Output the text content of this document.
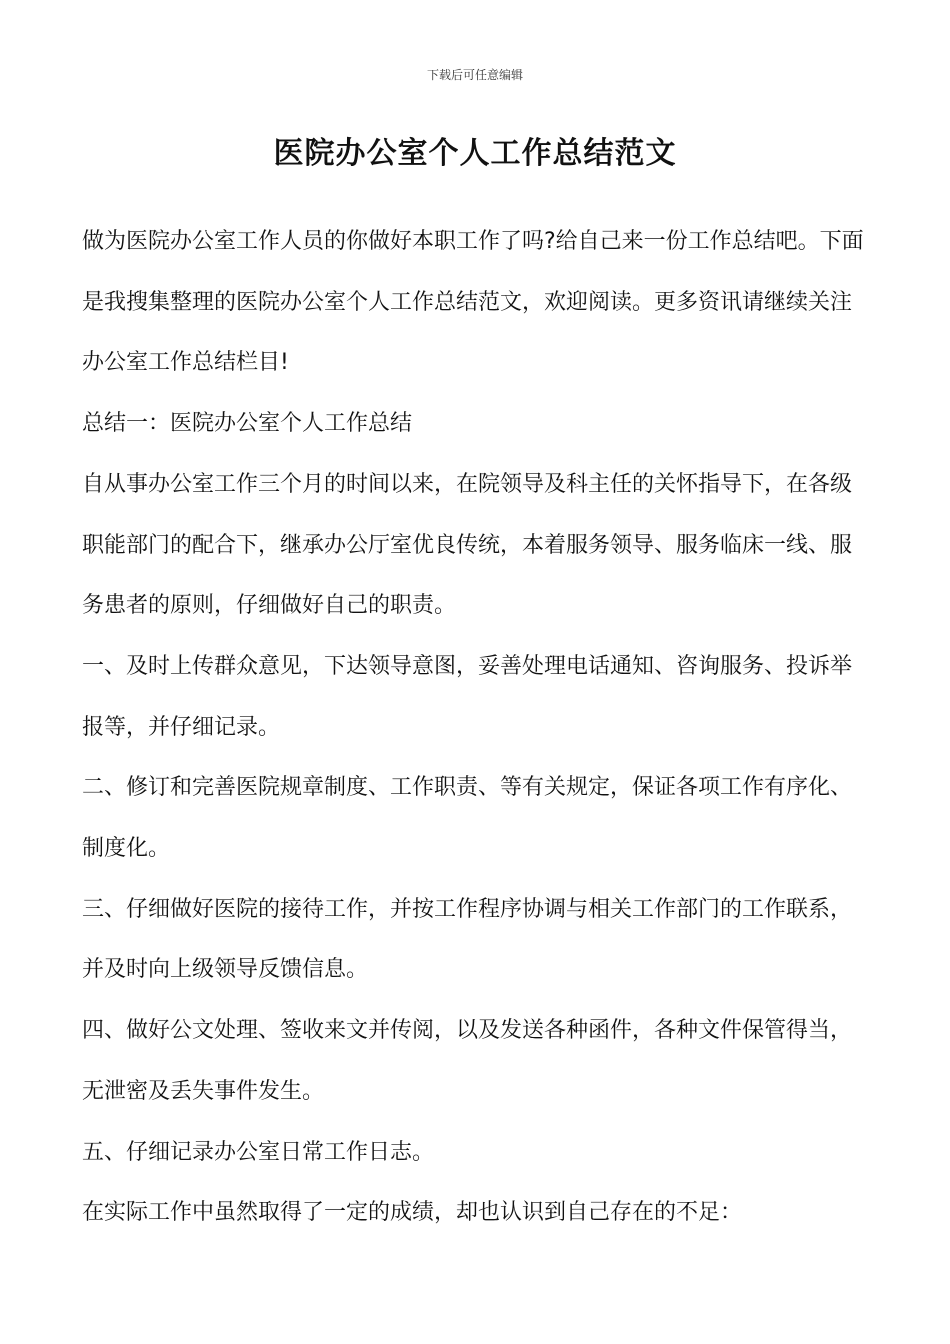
下载后可任意编辑
医院办公室个人工作总结范文

做为医院办公室工作人员的你做好本职工作了吗?给自己来一份工作总结吧。下面是我搜集整理的医院办公室个人工作总结范文，欢迎阅读。更多资讯请继续关注办公室工作总结栏目!

总结一：医院办公室个人工作总结

自从事办公室工作三个月的时间以来，在院领导及科主任的关怀指导下，在各级职能部门的配合下，继承办公厅室优良传统，本着服务领导、服务临床一线、服务患者的原则，仔细做好自己的职责。

一、及时上传群众意见，下达领导意图，妥善处理电话通知、咨询服务、投诉举报等，并仔细记录。

二、修订和完善医院规章制度、工作职责、等有关规定，保证各项工作有序化、制度化。

三、仔细做好医院的接待工作，并按工作程序协调与相关工作部门的工作联系，并及时向上级领导反馈信息。

四、做好公文处理、签收来文并传阅，以及发送各种函件，各种文件保管得当，无泄密及丢失事件发生。

五、仔细记录办公室日常工作日志。

在实际工作中虽然取得了一定的成绩，却也认识到自己存在的不足：
